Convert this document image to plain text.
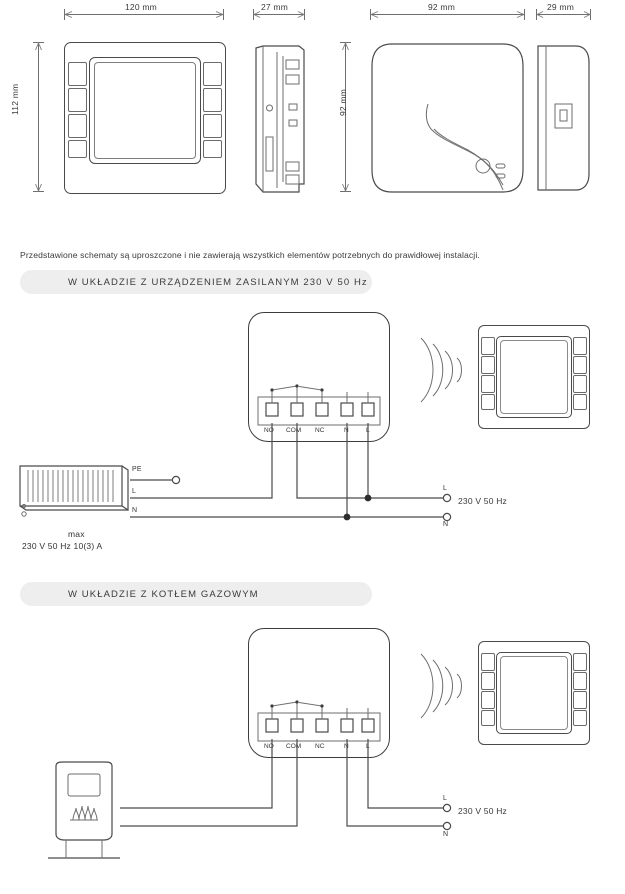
120 mm	27 mm	92 mm	29 mm
112 mm	92 mm
Przedstawione schematy są uproszczone i nie zawierają wszystkich elementów potrzebnych do prawidłowej instalacji.
W UKŁADZIE Z URZĄDZENIEM ZASILANYM 230 V 50 Hz
NO COM NC	N	L
max
230 V 50 Hz 10(3) A
PE
L
N
L
N
230 V 50 Hz
W UKŁADZIE Z KOTŁEM GAZOWYM
NO COM NC	N	L
L
N
230 V 50 Hz
